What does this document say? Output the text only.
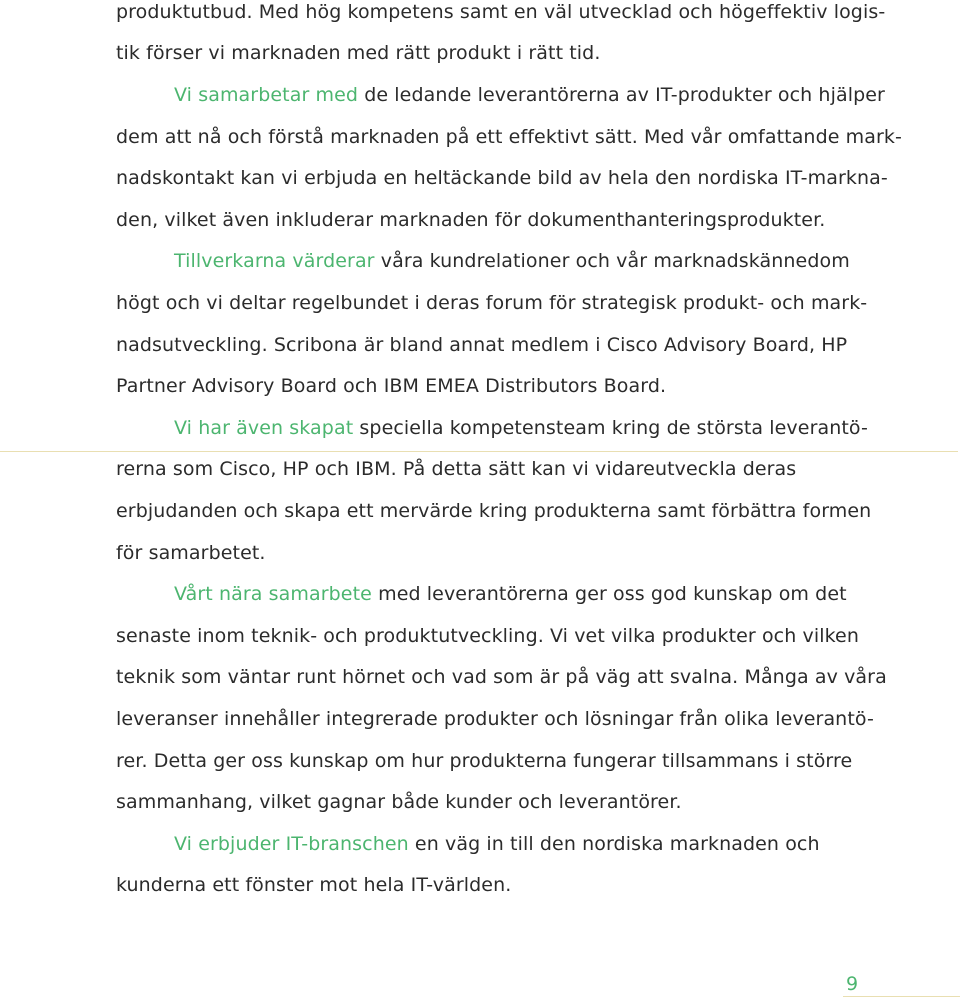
produktutbud. Med hög kompetens samt en väl utvecklad och högeffektiv logis-
tik förser vi marknaden med rätt produkt i rätt tid.
Vi samarbetar med de ledande leverantörerna av IT-produkter och hjälper
dem att nå och förstå marknaden på ett effektivt sätt. Med vår omfattande mark-
nadskontakt kan vi erbjuda en heltäckande bild av hela den nordiska IT-markna-
den, vilket även inkluderar marknaden för dokumenthanteringsprodukter.
Tillverkarna värderar våra kundrelationer och vår marknadskännedom
högt och vi deltar regelbundet i deras forum för strategisk produkt- och mark-
nadsutveckling. Scribona är bland annat medlem i Cisco Advisory Board, HP
Partner Advisory Board och IBM EMEA Distributors Board.
Vi har även skapat speciella kompetensteam kring de största leverantö-
rerna som Cisco, HP och IBM. På detta sätt kan vi vidareutveckla deras
erbjudanden och skapa ett mervärde kring produkterna samt förbättra formen
för samarbetet.
Vårt nära samarbete med leverantörerna ger oss god kunskap om det
senaste inom teknik- och produktutveckling. Vi vet vilka produkter och vilken
teknik som väntar runt hörnet och vad som är på väg att svalna. Många av våra
leveranser innehåller integrerade produkter och lösningar från olika leverantö-
rer. Detta ger oss kunskap om hur produkterna fungerar tillsammans i större
sammanhang, vilket gagnar både kunder och leverantörer.
Vi erbjuder IT-branschen en väg in till den nordiska marknaden och
kunderna ett fönster mot hela IT-världen.
9
